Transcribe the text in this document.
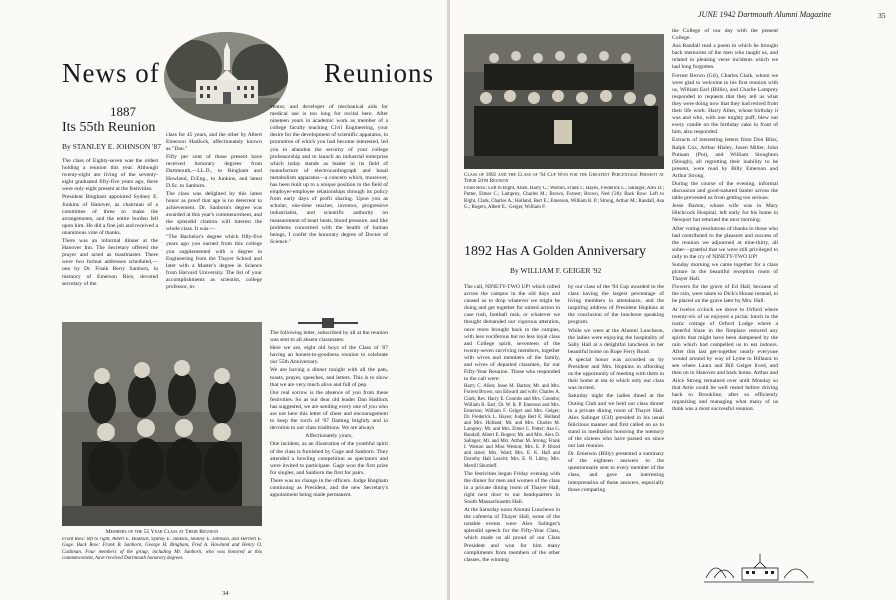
News of	Reunions
1887
Its 55th Reunion
By STANLEY E. JOHNSON '87

The class of Eighty-seven was the oldest holding a reunion this year. Although twenty-eight are living of the seventy-eight graduated fifty-five years ago, there were only eight present at the festivities.

President Bingham appointed Sydney E. Junkins of Hanover, as chairman of a committee of three to make the arrangements, and the entire burden fell upon him. He did a fine job and received a unanimous vote of thanks.

There was an informal dinner at the Hanover Inn. The Secretary offered the prayer and acted as toastmaster. There were two formal addresses scheduled,—one by Dr. Frank Berry Sanborn, in memory of Emerson Rice, devoted secretary of the

class for 45 years, and the other by Albert Emerson Hadlock, affectionately known as "Dan."

Fifty per cent of those present have received honorary degrees from Dartmouth,—LL.D., to Bingham and Howland, D.Eng., to Junkins, and latest D.Sc. to Sanborn.

The class was delighted by this latest honor as proof that age is no deterrent to achievement. Dr. Sanborn's degree was awarded at this year's commencement, and the splendid citation will interest the whole class. It was:—

"The Bachelor's degree which fifty-five years ago you earned from this college you supplemented with a degree in Engineering from the Thayer School and later with a Master's degree in Science from Harvard University. The list of your accomplishments as scientist, college professor, in-

ventor, and developer of mechanical aids for medical use is too long for recital here. After nineteen years in academic work as member of a college faculty teaching Civil Engineering, your desire for the development of scientific apparatus, in promotion of which you had become interested, led you to abandon the security of your college professorship and to launch an industrial enterprise which today stands as leader in its field of manufacture of electrocardiograph and basal metabolism apparatus—a concern which, moreover, has been built up to a unique position in the field of employer-employee relationships through its policy from early days of profit sharing. Upon you as scholar, one-time teacher, inventor, progressive industrialist, and scientific authority on measurement of heart beats, blood pressure, and like problems concerned with the health of human beings, I confer the honorary degree of Doctor of Science."

The following letter, subscribed by all at the reunion was sent to all absent classmates:

Here we are, eight old boys of the Class of '87 having an honest-to-goodness reunion to celebrate our 55th Anniversary.

We are having a dinner tonight with all the pats, toasts, prayer, speeches, and letters. This is to show that we are very much alive and full of pep.

Our real sorrow is the absence of you from these festivities. So as our dear old leader Dan Hadlock has suggested, we are sending every one of you who are not here this letter of cheer and encouragement to keep the torch of '87 flaming brightly and in devotion to our class traditions. We are always

Affectionately yours,

One incident, as an illustration of the youthful spirit of the class is furnished by Gage and Sanborn. They attended a bowling competition as spectators and were invited to participate. Gage won the first prize for singles, and Sanborn the first for pairs.

There was no change in the officers. Judge Bingham continuing as President, and the new Secretary's appointment being made permanent.

Members of the 55 Year Class at Their Reunion
Front Row: left to right, Albert E. Hadlock, Sydney E. Junkins, Stanley E. Johnson, and Herbert E. Gage. Back Row: Frank B. Sanborn, George H. Bingham, Fred A. Howland and Henry O. Cushman. Four members of the group, including Mr. Sanborn, who was honored at this commencement, have received Dartmouth honorary degrees.
34
JUNE 1942 Dartmouth Alumni Magazine	35
Class of 1892 and the Class of '94 Cup Won for the Greatest Percentage Present at Their 50th Reunion
Front Row: Left to Right, Allen, Harry C.; Weston, Frank I.; Hayes, Frederick L.; Salinger, Alex D.; Potter, Elmer C.; Lamprey, Charles M.; Brown, Forrest; Brown, Ned ('28). Back Row: Left to Right, Clark, Charles A.; Holland, Bert E.; Emerson, William R. P.; Strong, Arthur M.; Randall, Asa G.; Rogers, Albert E.; Geiger, William F.
1892 Has A Golden Anniversary
By WILLIAM F. GEIGER '92

The call, NINETY-TWO UP! which rolled across the campus in the old days and caused us to drop whatever we might be doing and get together for united action in case rush, football rush, or whatever we thought demanded our vigorous attention, once more brought back to the campus, with less vociferous but no less loyal class and College spirit, seventeen of the twenty-seven surviving members, together with wives and members of the family, and wives of departed classmen, for our Fifty-Year Reunion. Those who responded to the call were:

Harry C. Allen; Jesse M. Barton; Mr. and Mrs. Forrest Brown, son Edward and wife; Charles A. Clark; Rev. Harry E. Coombs and Mrs. Coombs; William B. Earl; Dr. W. R. P. Emerson and Mrs. Emerson; William F. Geiger and Mrs. Geiger; Dr. Frederick L. Hayes; Judge Bert E. Holland and Mrs. Holland; Mr. and Mrs. Charles M. Lamprey; Mr. and Mrs. Elmer C. Potter; Asa G. Randall; Albert E. Rogers; Mr. and Mrs. Alex D. Salinger; Mr. and Mrs. Arthur M. Strong; Frank I. Weston and Miss Weston; Mrs. E. P. Blood and sister; Mrs. Ward; Mrs. E. K. Hall and Dorothy Hall Leavitt; Mrs. E. N. Libby; Mrs. Merrill Shurtleff.

The festivities began Friday evening with the dinner for men and women of the class in a private dining room of Thayer Hall, right next door to our headquarters in South Massachusetts Hall.

At the Saturday noon Alumni Luncheon in the cafeteria of Thayer Hall, some of the notable events were Alex Salinger's splendid speech for the Fifty-Year Class, which made us all proud of our Class President and won for him many compliments from members of the other classes, the winning

by our class of the '94 Cup awarded to the class having the largest percentage of living members in attendance, and the inspiring address of President Hopkins at the conclusion of the luncheon speaking program.

While we were at the Alumni Luncheon, the ladies were enjoying the hospitality of Sally Hall at a delightful luncheon in her beautiful home on Rope Ferry Road.

A special honor was accorded us by President and Mrs. Hopkins in affording us the opportunity of meeting with them in their home at tea to which only our class was invited.

Saturday night the ladies dined at the Outing Club and we held our class dinner in a private dining room of Thayer Hall. Alex Salinger (Gif) presided in his usual felicitous manner and first called on us to stand in meditation honoring the memory of the sixteen who have passed on since our last reunion.

Dr. Emerson (Billy) presented a summary of the eighteen answers to the questionnaire sent to every member of the class, and gave an interesting interpretation of these answers, especially those comparing

the College of our day with the present College.

Asa Randall read a poem in which he brought back memories of the men who taught us, and related in pleasing verse incidents which we had long forgotten.

Forrest Brown (Gil), Charles Clark, whom we were glad to welcome to his first reunion with us, William Earl (Billie), and Charlie Lamprey responded to requests that they tell us what they were doing now that they had retired from their life work. Harry Allen, whose birthday it was and who, with one mighty puff, blew out every candle on the birthday cake in front of him, also responded.

Extracts of interesting letters from Don Bliss, Ralph Cox, Arthur Hisley, Josen Miller, John Putnam (Put), and William Stoughton (Stough), all regretting their inability to be present, were read by Billy Emerson and Arthur Strong.

During the course of the evening, informal discussion and good-natured banter across the table prevented us from getting too serious.

Jesse Barton, whose wife was in Mary Hitchcock Hospital, left early for his home in Newport but returned the next morning.

After voting resolutions of thanks to those who had contributed to the pleasure and success of the reunion we adjourned at nine-thirty, all sober—grateful that we were still privileged to rally to the cry of NINETY-TWO UP!

Sunday morning we came together for a class picture in the beautiful reception room of Thayer Hall.

Flowers for the grave of Ed Hall, because of the rain, were taken to Dick's House instead, to be placed on the grave later by Mrs. Hall.

At twelve o'clock we drove to Orford where twenty-six of us enjoyed a picnic lunch in the rustic cottage of Orford Lodge where a cheerful blaze in the fireplace restored any spirits that might have been dampened by the rain which had compelled us to eat indoors. After this last get-together nearly everyone wound around by way of Lyme to Billaura to see where Laura and Bill Geiger lived, and then on to Hanover and back home. Arthur and Alice Strong remained over until Monday so that Artie could be well rested before driving back to Brookline, after so efficiently organizing and managing what many of us think was a most successful reunion.
